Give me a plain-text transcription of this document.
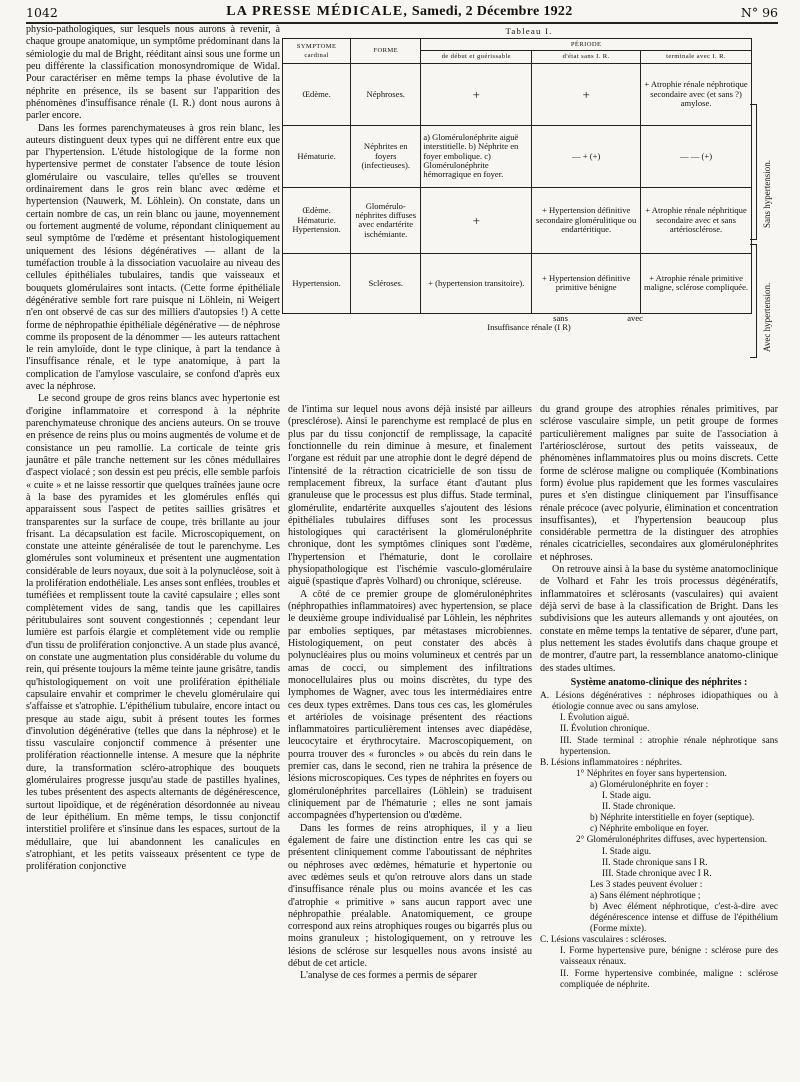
1042	LA PRESSE MÉDICALE, Samedi, 2 Décembre 1922	N° 96

physio-pathologiques, sur lesquels nous aurons à revenir, à chaque groupe anatomique, un symptôme prédominant dans la sémiologie du mal de Bright, rééditant ainsi sous une forme un peu différente la classification monosyndromique de Widal. Pour caractériser en même temps la phase évolutive de la néphrite en présence, ils se basent sur l'apparition des phénomènes d'insuffisance rénale (I. R.) dont nous aurons à parler encore.

Dans les formes parenchymateuses à gros rein blanc, les auteurs distinguent deux types qui ne diffèrent entre eux que par l'hypertension. L'étude histologique de la forme non hypertensive permet de constater l'absence de toute lésion glomérulaire ou vasculaire, telles qu'elles se trouvent ordinairement dans le gros rein blanc avec œdème et hypertension (Nauwerk, M. Löhlein). On constate, dans un certain nombre de cas, un rein blanc ou jaune, moyennement ou fortement augmenté de volume, répondant cliniquement au seul symptôme de l'œdème et présentant histologiquement uniquement des lésions dégénératives — allant de la tuméfaction trouble à la dissociation vacuolaire au niveau des cellules épithéliales tubulaires, tandis que vaisseaux et bouquets glomérulaires sont intacts. (Cette forme épithéliale dégénérative semble fort rare puisque ni Löhlein, ni Weigert n'en ont observé de cas sur des milliers d'autopsies !) A cette forme de néphropathie épithéliale dégénérative — de néphrose comme ils proposent de la dénommer — les auteurs rattachent le rein amyloïde, dont le type clinique, à part la tendance à l'insuffisance rénale, et le type anatomique, à part la complication de l'amylose vasculaire, se confond d'après eux avec la néphrose.

Le second groupe de gros reins blancs avec hypertonie est d'origine inflammatoire et correspond à la néphrite parenchymateuse chronique des anciens auteurs. On se trouve en présence de reins plus ou moins augmentés de volume et de consistance un peu ramollie. La corticale de teinte gris jaunâtre et pâle tranche nettement sur les cônes médullaires d'aspect violacé ; son dessin est peu précis, elle semble parfois « cuite » et ne laisse ressortir que quelques traînées jaune ocre à la base des pyramides et les glomérules enflés qui apparaissent sous l'aspect de petites saillies grisâtres et transparentes sur la surface de coupe, très brillante au jour frisant. La décapsulation est facile. Microscopiquement, on constate une atteinte généralisée de tout le parenchyme. Les glomérules sont volumineux et présentent une augmentation considérable de leurs noyaux, due soit à la polynucléose, soit à la prolifération endothéliale. Les anses sont enflées, troubles et tuméfiées et remplissent toute la cavité capsulaire ; elles sont complètement vides de sang, tandis que les capillaires péritubulaires sont souvent congestionnés ; cependant leur lumière est parfois élargie et complètement vide ou remplie d'un tissu de prolifération conjonctive. A un stade plus avancé, on constate une augmentation plus considérable du volume du rein, qui présente toujours la même teinte jaune grisâtre, tandis qu'histologiquement on voit une prolifération épithéliale capsulaire envahir et comprimer le chevelu glomérulaire qui s'affaisse et s'atrophie. L'épithélium tubulaire, encore intact ou presque au stade aigu, subit à présent toutes les formes d'involution dégénérative (telles que dans la néphrose) et le tissu vasculaire conjonctif commence à présenter une prolifération réactionnelle intense. A mesure que la néphrite dure, la transformation scléro-atrophique des bouquets glomérulaires progresse jusqu'au stade de pastilles hyalines, les tubes présentent des aspects alternants de dégénérescence, surtout lipoïdique, et de régénération désordonnée au niveau de leur épithélium. En même temps, le tissu conjonctif interstitiel prolifère et s'insinue dans les espaces, surtout de la médullaire, que lui abandonnent les canalicules en s'atrophiant, et les petits vaisseaux présentent ce type de prolifération conjonctive

Tableau I.
SYMPTOME cardinal	FORME	PÉRIODE		
		de début et guérissable	d'état sans I. R.	terminale avec I. R.
Œdème.	Néphroses.	+	+	+ Atrophie rénale néphrotique secondaire avec (et sans ?) amylose.
Hématurie.	Néphrites en foyers (infectieuses).	a) Glomérulonéphrite aiguë interstitielle. b) Néphrite en foyer embolique. c) Glomérulonéphrite hémorragique en foyer.	— + (+)	— — (+)
Œdème. Hématurie. Hypertension.	Glomérulo-néphrites diffuses avec endartérite ischémiante.	+	+ Hypertension définitive secondaire glomérulitique ou endartéritique.	+ Atrophie rénale néphritique secondaire avec et sans artériosclérose.
Hypertension.	Scléroses.	+ (hypertension transitoire).	+ Hypertension définitive primitive bénigne	+ Atrophie rénale primitive maligne, sclérose compliquée.
sans	avec
Insuffisance rénale (I R)
Sans hypertension.
Avec hypertension.

de l'intima sur lequel nous avons déjà insisté par ailleurs (presclérose). Ainsi le parenchyme est remplacé de plus en plus par du tissu conjonctif de remplissage, la capacité fonctionnelle du rein diminue à mesure, et finalement l'organe est réduit par une atrophie dont le degré dépend de l'intensité de la rétraction cicatricielle de son tissu de remplacement fibreux, la surface étant d'autant plus granuleuse que le processus est plus diffus. Stade terminal, glomérulite, endartérite auxquelles s'ajoutent des lésions épithéliales tubulaires diffuses sont les processus histologiques qui caractérisent la glomérulonéphrite chronique, dont les symptômes cliniques sont l'œdème, l'hypertension et l'hématurie, dont le corollaire physiopathologique est l'ischémie vasculo-glomérulaire aiguë (spastique d'après Volhard) ou chronique, scléreuse.

A côté de ce premier groupe de glomérulonéphrites (néphropathies inflammatoires) avec hypertension, se place le deuxième groupe individualisé par Löhlein, les néphrites par embolies septiques, par métastases microbiennes. Histologiquement, on peut constater des abcès à polynucléaires plus ou moins volumineux et centrés par un amas de cocci, ou simplement des infiltrations monocellulaires plus ou moins discrètes, du type des lymphomes de Wagner, avec tous les intermédiaires entre ces deux types extrêmes. Dans tous ces cas, les glomérules et artérioles de voisinage présentent des réactions inflammatoires particulièrement intenses avec diapédèse, leucocytaire et érythrocytaire. Macroscopiquement, on pourra trouver des « furoncles » ou abcès du rein dans le premier cas, dans le second, rien ne trahira la présence de lésions microscopiques. Ces types de néphrites en foyers ou glomérulonéphrites parcellaires (Löhlein) se traduisent cliniquement par de l'hématurie ; elles ne sont jamais accompagnées d'hypertension ou d'œdème.

Dans les formes de reins atrophiques, il y a lieu également de faire une distinction entre les cas qui se présentent cliniquement comme l'aboutissant de néphrites ou néphroses avec œdèmes, hématurie et hypertonie ou avec œdèmes seuls et qu'on retrouve alors dans un stade d'insuffisance rénale plus ou moins avancée et les cas d'atrophie « primitive » sans aucun rapport avec une néphropathie préalable. Anatomiquement, ce groupe correspond aux reins atrophiques rouges ou bigarrés plus ou moins granuleux ; histologiquement, on y retrouve les lésions de sclérose sur lesquelles nous avons insisté au début de cet article.

L'analyse de ces formes a permis de séparer

du grand groupe des atrophies rénales primitives, par sclérose vasculaire simple, un petit groupe de formes particulièrement malignes par suite de l'association à l'artériosclérose, surtout des petits vaisseaux, de phénomènes inflammatoires plus ou moins discrets. Cette forme de sclérose maligne ou compliquée (Kombinations form) évolue plus rapidement que les formes vasculaires pures et s'en distingue cliniquement par l'insuffisance rénale précoce (avec polyurie, élimination et concentration insuffisantes), et l'hypertension beaucoup plus considérable permettra de la distinguer des atrophies rénales cicatricielles, secondaires aux glomérulonéphrites et néphroses.

On retrouve ainsi à la base du système anatomoclinique de Volhard et Fahr les trois processus dégénératifs, inflammatoires et sclérosants (vasculaires) qui avaient déjà servi de base à la classification de Bright. Dans les subdivisions que les auteurs allemands y ont ajoutées, on constate en même temps la tentative de séparer, d'une part, plus nettement les stades évolutifs dans chaque groupe et de montrer, d'autre part, la ressemblance anatomo-clinique des stades ultimes.

Système anatomo-clinique des néphrites :
A. Lésions dégénératives : néphroses idiopathiques ou à étiologie connue avec ou sans amylose.
I. Évolution aiguë.
II. Évolution chronique.
III. Stade terminal : atrophie rénale néphrotique sans hypertension.
B. Lésions inflammatoires : néphrites.
1° Néphrites en foyer sans hypertension.
a) Glomérulonéphrite en foyer :
I. Stade aigu.
II. Stade chronique.
b) Néphrite interstitielle en foyer (septique).
c) Néphrite embolique en foyer.
2° Glomérulonéphrites diffuses, avec hypertension.
I. Stade aigu.
II. Stade chronique sans I R.
III. Stade chronique avec I R.
Les 3 stades peuvent évoluer :
a) Sans élément néphrotique ;
b) Avec élément néphrotique, c'est-à-dire avec dégénérescence intense et diffuse de l'épithélium (Forme mixte).
C. Lésions vasculaires : scléroses.
I. Forme hypertensive pure, bénigne : sclérose pure des vaisseaux rénaux.
II. Forme hypertensive combinée, maligne : sclérose compliquée de néphrite.
